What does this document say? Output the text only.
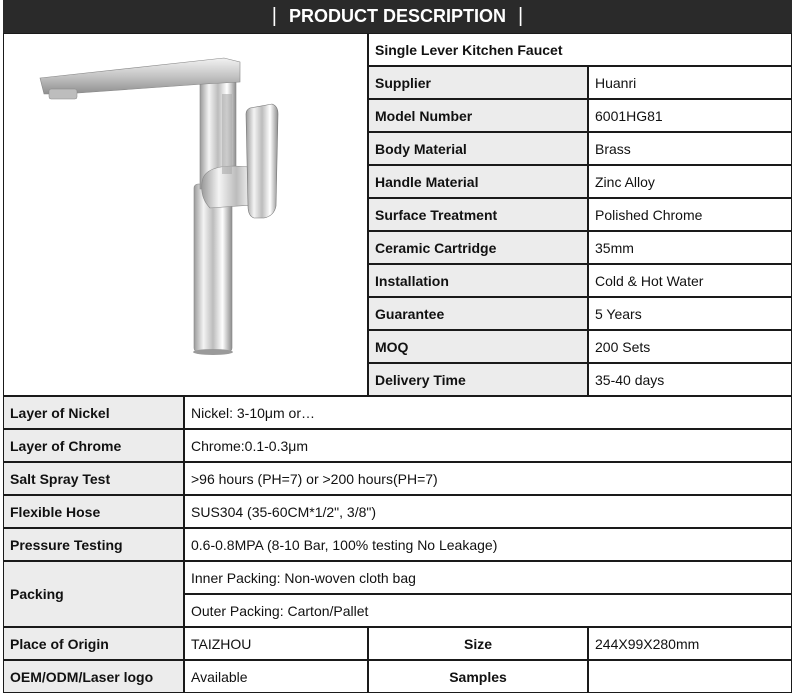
| PRODUCT DESCRIPTION |
Single Lever Kitchen Faucet
Supplier	Huanri
Model Number	6001HG81
Body Material	Brass
Handle Material	Zinc Alloy
Surface Treatment	Polished Chrome
Ceramic Cartridge	35mm
Installation	Cold & Hot Water
Guarantee	5 Years
MOQ	200 Sets
Delivery Time	35-40 days
Layer of Nickel	Nickel: 3-10μm or…
Layer of Chrome	Chrome:0.1-0.3μm
Salt Spray Test	>96 hours (PH=7) or >200 hours(PH=7)
Flexible Hose	SUS304 (35-60CM*1/2", 3/8")
Pressure Testing	0.6-0.8MPA (8-10 Bar, 100% testing No Leakage)
Packing
Inner Packing: Non-woven cloth bag
Outer Packing: Carton/Pallet
Place of Origin	TAIZHOU	Size	244X99X280mm
OEM/ODM/Laser logo	Available	Samples
